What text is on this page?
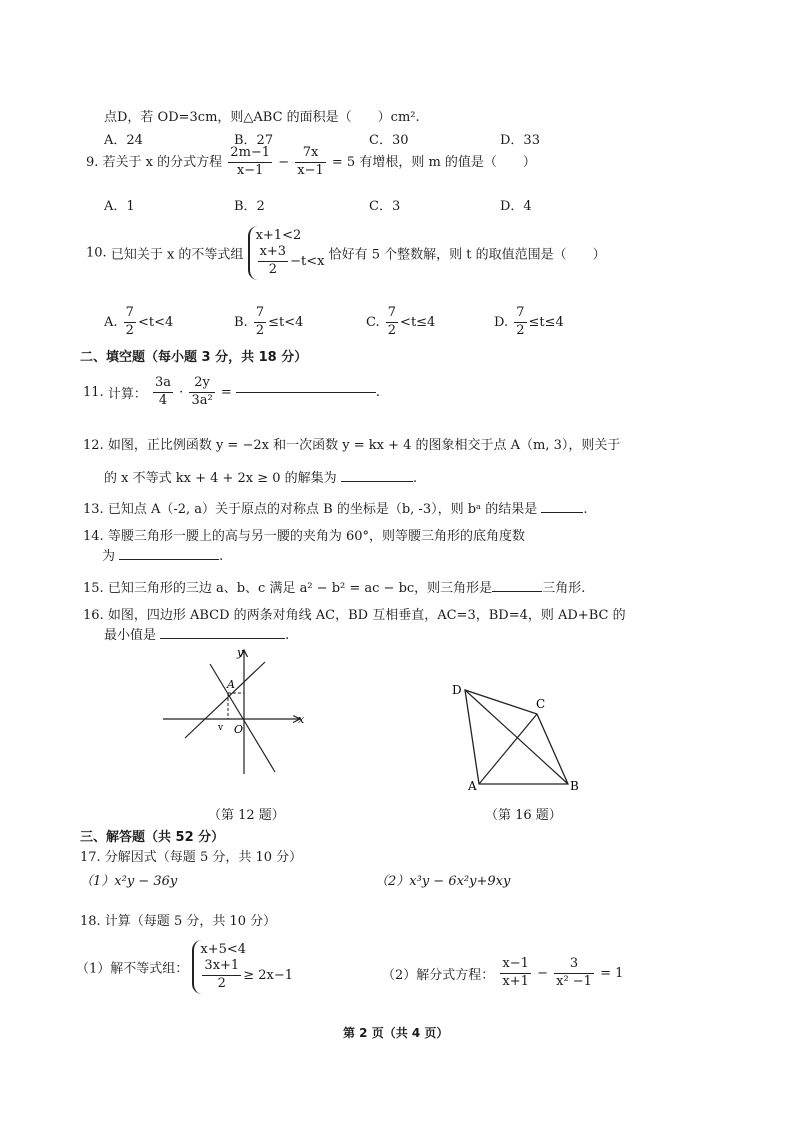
点D，若 OD=3cm，则△ABC 的面积是（　　）cm².
A．24	B．27	C．30	D．33
9. 若关于 x 的分式方程 $\frac{2m-1}{x-1} - \frac{7x}{x-1} = 5$ 有增根，则 m 的值是（　　）
A．1	B．2	C．3	D．4
10. 已知关于 x 的不等式组
x+1<2
$\frac{x+3}{2} -t<x$ 恰好有 5 个整数解，则 t 的取值范围是（　　）
A. $\frac{7}{2} <t<4$	B. $\frac{7}{2} \le t<4$	C. $\frac{7}{2} <t\le 4$	D. $\frac{7}{2} \le t\le 4$
二、填空题（每小题 3 分，共 18 分）
11. 计算： $\frac{3a}{4} \cdot \frac{2y}{\text{3a²}}$ =	.
12. 如图，正比例函数 y = −2x 和一次函数 y = kx + 4 的图象相交于点 A（m, 3），则关于
的 x 不等式 kx + 4 + 2x ≥ 0 的解集为	.
13. 已知点 A（-2, a）关于原点的对称点 B 的坐标是（b, -3），则 bᵃ 的结果是	.
14. 等腰三角形一腰上的高与另一腰的夹角为 60°，则等腰三角形的底角度数
为	.
15. 已知三角形的三边 a、b、c 满足 a² − b² = ac − bc，则三角形是	三角形.
16. 如图，四边形 ABCD 的两条对角线 AC，BD 互相垂直，AC=3，BD=4，则 AD+BC 的
最小值是	.
y
x
A
O
v
（第 12 题）
D
C
A	B
（第 16 题）
三、解答题（共 52 分）
17. 分解因式（每题 5 分，共 10 分）
（1）x²y − 36y	（2）x³y − 6x²y+9xy
18. 计算（每题 5 分，共 10 分）
（1）解不等式组：
x+5<4
$\frac{3x+1}{2} \ge 2x-1$	（2）解分式方程： $\frac{x-1}{x+1} - \frac{3}{\text{x² −1}} = 1$
第 2 页（共 4 页）
